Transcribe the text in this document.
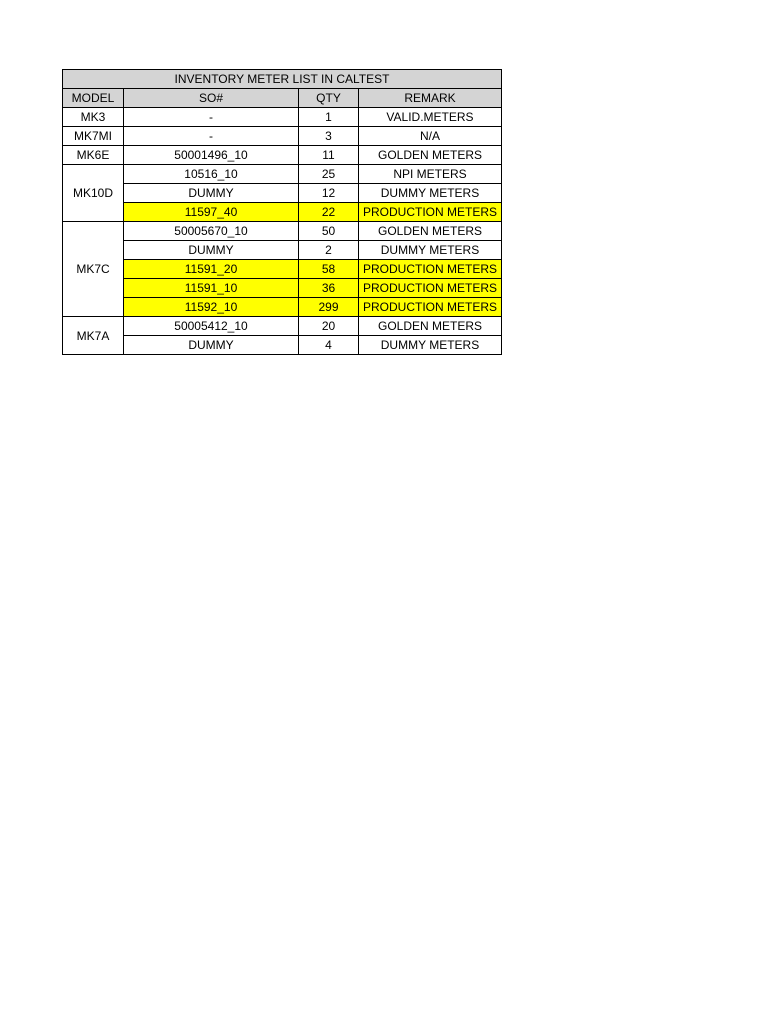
INVENTORY METER LIST IN CALTEST			
MODEL	SO#	QTY	REMARK
MK3	-	1	VALID.METERS
MK7MI	-	3	N/A
MK6E	50001496_10	11	GOLDEN METERS
MK10D	10516_10	25	NPI METERS
	DUMMY	12	DUMMY METERS
	11597_40	22	PRODUCTION METERS
MK7C	50005670_10	50	GOLDEN METERS
	DUMMY	2	DUMMY METERS
	11591_20	58	PRODUCTION METERS
	11591_10	36	PRODUCTION METERS
	11592_10	299	PRODUCTION METERS
MK7A	50005412_10	20	GOLDEN METERS
	DUMMY	4	DUMMY METERS
